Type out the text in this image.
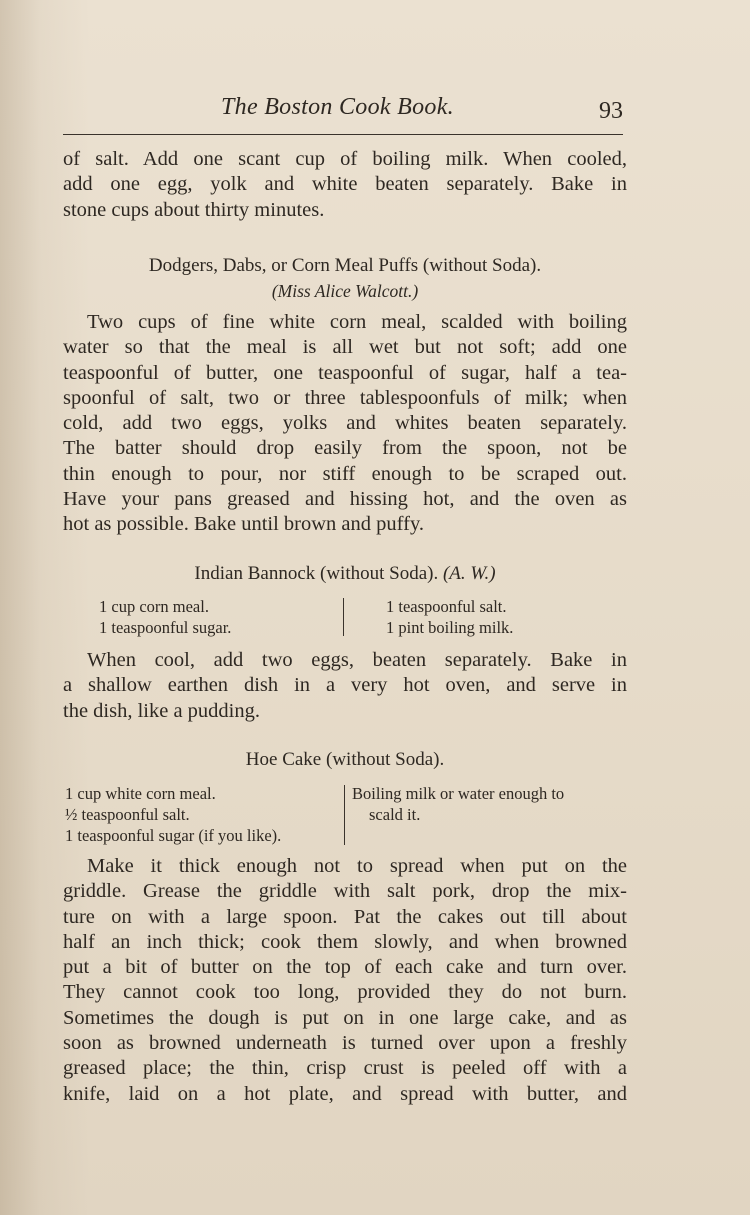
The Boston Cook Book.	93
of salt. Add one scant cup of boiling milk. When cooled,
add one egg, yolk and white beaten separately. Bake in
stone cups about thirty minutes.
Dodgers, Dabs, or Corn Meal Puffs (without Soda).
(Miss Alice Walcott.)
Two cups of fine white corn meal, scalded with boiling
water so that the meal is all wet but not soft; add one
teaspoonful of butter, one teaspoonful of sugar, half a tea-
spoonful of salt, two or three tablespoonfuls of milk; when
cold, add two eggs, yolks and whites beaten separately.
The batter should drop easily from the spoon, not be
thin enough to pour, nor stiff enough to be scraped out.
Have your pans greased and hissing hot, and the oven as
hot as possible. Bake until brown and puffy.
Indian Bannock (without Soda). (A. W.)
1 cup corn meal.
1 teaspoonful sugar.
1 teaspoonful salt.
1 pint boiling milk.
When cool, add two eggs, beaten separately. Bake in
a shallow earthen dish in a very hot oven, and serve in
the dish, like a pudding.
Hoe Cake (without Soda).
1 cup white corn meal.
½ teaspoonful salt.
1 teaspoonful sugar (if you like).
Boiling milk or water enough to
scald it.
Make it thick enough not to spread when put on the
griddle. Grease the griddle with salt pork, drop the mix-
ture on with a large spoon. Pat the cakes out till about
half an inch thick; cook them slowly, and when browned
put a bit of butter on the top of each cake and turn over.
They cannot cook too long, provided they do not burn.
Sometimes the dough is put on in one large cake, and as
soon as browned underneath is turned over upon a freshly
greased place; the thin, crisp crust is peeled off with a
knife, laid on a hot plate, and spread with butter, and
